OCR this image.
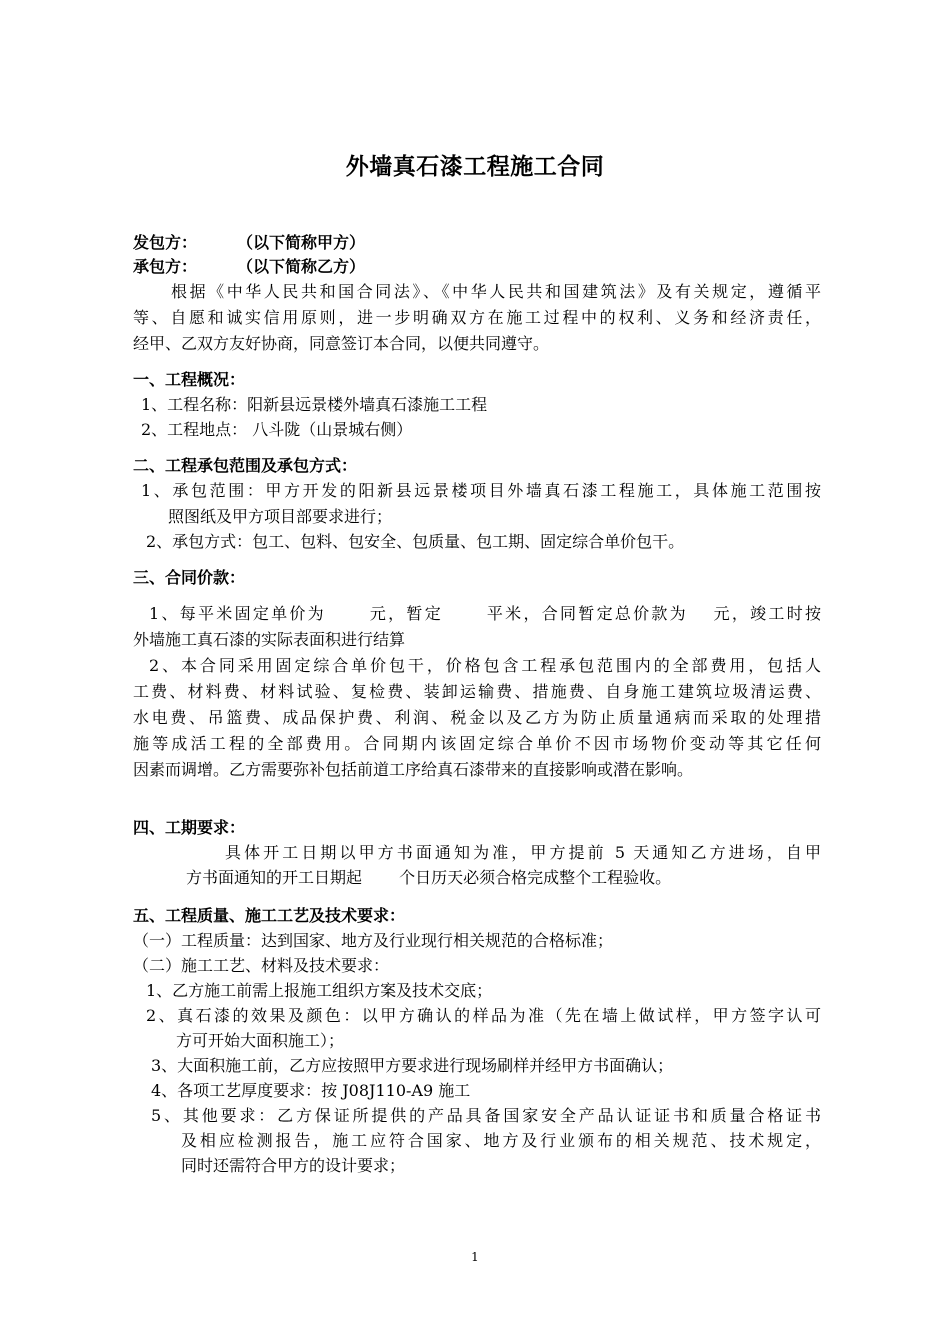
外墙真石漆工程施工合同
发包方：	（以下简称甲方）
承包方：	（以下简称乙方）
根据《中华人民共和国合同法》、《中华人民共和国建筑法》及有关规定，遵循平
等、自愿和诚实信用原则，进一步明确双方在施工过程中的权利、义务和经济责任，
经甲、乙双方友好协商，同意签订本合同，以便共同遵守。
一、工程概况：
1、工程名称：阳新县远景楼外墙真石漆施工工程
2、工程地点： 八斗陇（山景城右侧）
二、工程承包范围及承包方式：
1、承包范围：甲方开发的阳新县远景楼项目外墙真石漆工程施工，具体施工范围按
照图纸及甲方项目部要求进行；
2、承包方式：包工、包料、包安全、包质量、包工期、固定综合单价包干。
三、合同价款：
1、每平米固定单价为　　 元，暂定　　 平米，合同暂定总价款为　 元，竣工时按
外墙施工真石漆的实际表面积进行结算
2、本合同采用固定综合单价包干，价格包含工程承包范围内的全部费用，包括人
工费、材料费、材料试验、复检费、装卸运输费、措施费、自身施工建筑垃圾清运费、
水电费、吊篮费、成品保护费、利润、税金以及乙方为防止质量通病而采取的处理措
施等成活工程的全部费用。合同期内该固定综合单价不因市场物价变动等其它任何
因素而调增。乙方需要弥补包括前道工序给真石漆带来的直接影响或潜在影响。
四、工期要求：
具体开工日期以甲方书面通知为准，甲方提前 5 天通知乙方进场，自甲
方书面通知的开工日期起　　 个日历天必须合格完成整个工程验收。
五、工程质量、施工工艺及技术要求：
（一）工程质量：达到国家、地方及行业现行相关规范的合格标准；
（二）施工工艺、材料及技术要求：
1、乙方施工前需上报施工组织方案及技术交底；
2、真石漆的效果及颜色：以甲方确认的样品为准（先在墙上做试样，甲方签字认可
方可开始大面积施工）；
3、大面积施工前，乙方应按照甲方要求进行现场刷样并经甲方书面确认；
4、各项工艺厚度要求：按 J08J110-A9 施工
5、其他要求：乙方保证所提供的产品具备国家安全产品认证证书和质量合格证书
及相应检测报告，施工应符合国家、地方及行业颁布的相关规范、技术规定，
同时还需符合甲方的设计要求；
1
